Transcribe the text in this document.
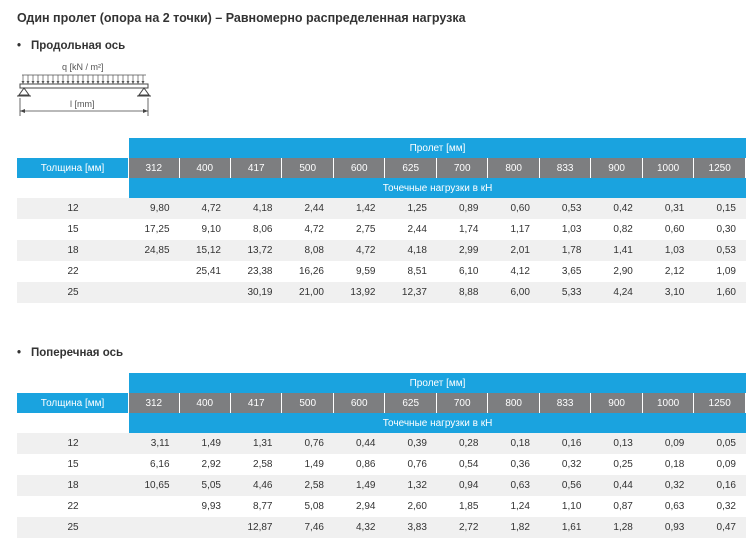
Один пролет (опора на 2 точки) – Равномерно распределенная нагрузка
• Продольная ось
q [kN / m²]
l [mm]
	Пролет [мм]											
Толщина [мм]	312	400	417	500	600	625	700	800	833	900	1000	1250
	Точечные нагрузки в кН											
12	9,80	4,72	4,18	2,44	1,42	1,25	0,89	0,60	0,53	0,42	0,31	0,15
15	17,25	9,10	8,06	4,72	2,75	2,44	1,74	1,17	1,03	0,82	0,60	0,30
18	24,85	15,12	13,72	8,08	4,72	4,18	2,99	2,01	1,78	1,41	1,03	0,53
22		25,41	23,38	16,26	9,59	8,51	6,10	4,12	3,65	2,90	2,12	1,09
25			30,19	21,00	13,92	12,37	8,88	6,00	5,33	4,24	3,10	1,60
• Поперечная ось
	Пролет [мм]											
Толщина [мм]	312	400	417	500	600	625	700	800	833	900	1000	1250
	Точечные нагрузки в кН											
12	3,11	1,49	1,31	0,76	0,44	0,39	0,28	0,18	0,16	0,13	0,09	0,05
15	6,16	2,92	2,58	1,49	0,86	0,76	0,54	0,36	0,32	0,25	0,18	0,09
18	10,65	5,05	4,46	2,58	1,49	1,32	0,94	0,63	0,56	0,44	0,32	0,16
22		9,93	8,77	5,08	2,94	2,60	1,85	1,24	1,10	0,87	0,63	0,32
25			12,87	7,46	4,32	3,83	2,72	1,82	1,61	1,28	0,93	0,47
